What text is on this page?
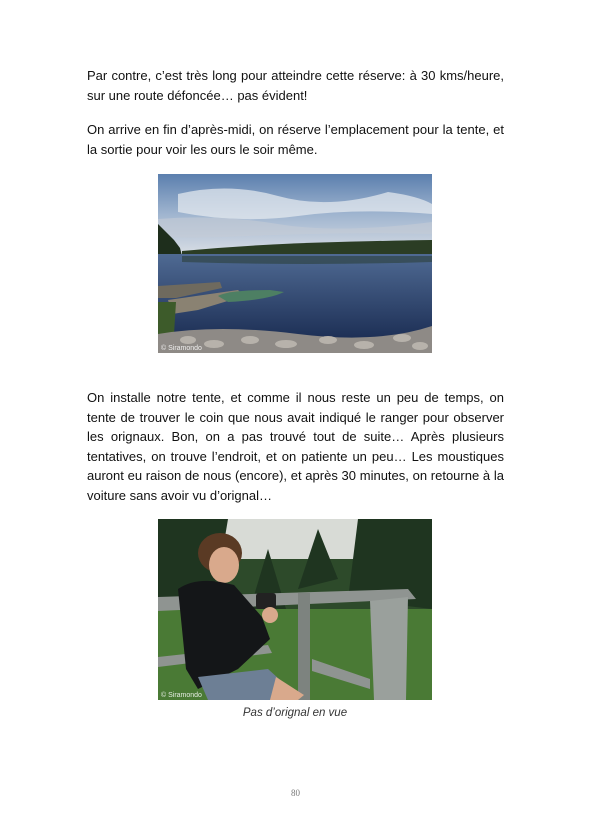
Par contre, c’est très long pour atteindre cette réserve: à 30 kms/heure, sur une route défoncée… pas évident!

On arrive en fin d’après-midi, on réserve l’emplacement pour la tente, et la sortie pour voir les ours le soir même.

© Siramondo

On installe notre tente, et comme il nous reste un peu de temps, on tente de trouver le coin que nous avait indiqué le ranger pour observer les orignaux. Bon, on a pas trouvé tout de suite… Après plusieurs tentatives, on trouve l’endroit, et on patiente un peu… Les moustiques auront eu raison de nous (encore), et après 30 minutes, on retourne à la voiture sans avoir vu d’orignal…

© Siramondo
Pas d’orignal en vue
80
